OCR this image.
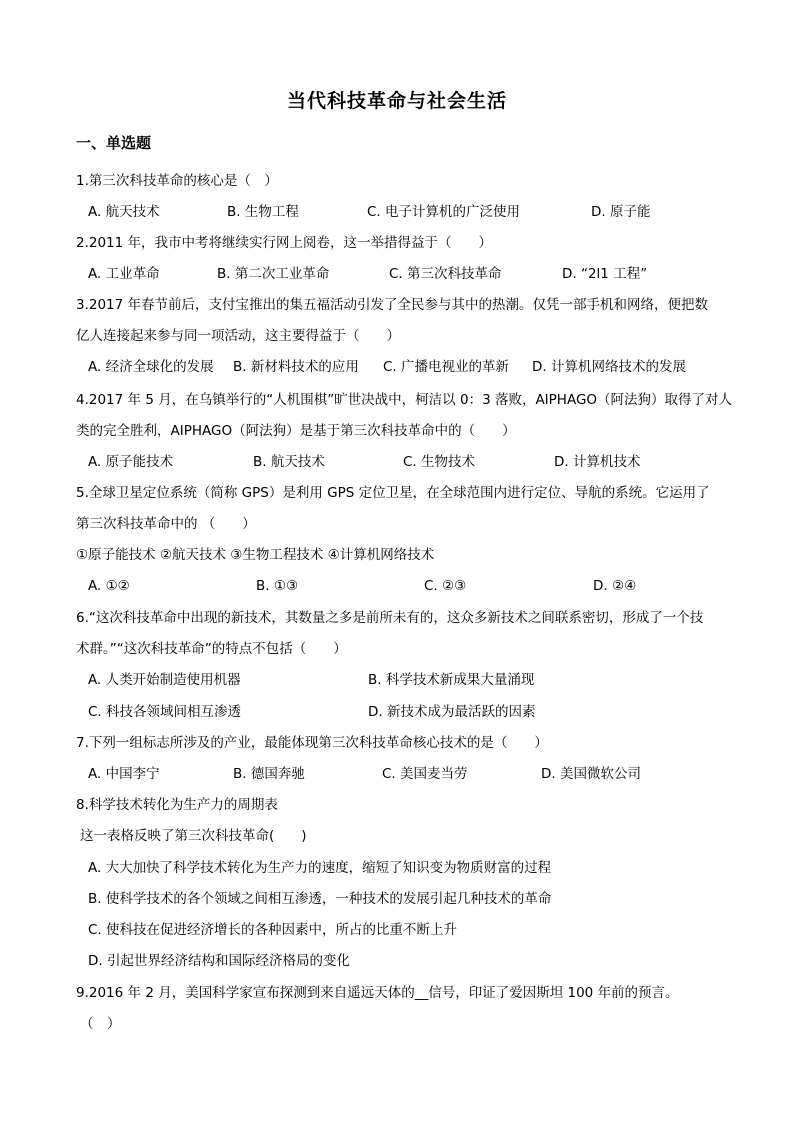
当代科技革命与社会生活
一、单选题
1.第三次科技革命的核心是（　）
A. 航天技术	B. 生物工程	C. 电子计算机的广泛使用	D. 原子能
2.2011 年，我市中考将继续实行网上阅卷，这一举措得益于（　　）
A. 工业革命	B. 第二次工业革命	C. 第三次科技革命	D. “2l1 工程”
3.2017 年春节前后，支付宝推出的集五福活动引发了全民参与其中的热潮。仅凭一部手机和网络，便把数
亿人连接起来参与同一项活动，这主要得益于（　　）
A. 经济全球化的发展 B. 新材料技术的应用 C. 广播电视业的革新 D. 计算机网络技术的发展
4.2017 年 5 月，在乌镇举行的“人机围棋”旷世决战中，柯洁以 0：3 落败，AIPHAGO（阿法狗）取得了对人
类的完全胜利，AIPHAGO（阿法狗）是基于第三次科技革命中的（　　）
A. 原子能技术	B. 航天技术	C. 生物技术	D. 计算机技术
5.全球卫星定位系统（简称 GPS）是利用 GPS 定位卫星，在全球范围内进行定位、导航的系统。它运用了
第三次科技革命中的 （　　）
①原子能技术 ②航天技术 ③生物工程技术 ④计算机网络技术
A. ①②	B. ①③	C. ②③	D. ②④
6.“这次科技革命中出现的新技术，其数量之多是前所未有的，这众多新技术之间联系密切，形成了一个技
术群。”“这次科技革命”的特点不包括（　　）
A. 人类开始制造使用机器	B. 科学技术新成果大量涌现
C. 科技各领域间相互渗透	D. 新技术成为最活跃的因素
7.下列一组标志所涉及的产业，最能体现第三次科技革命核心技术的是（　　）
A. 中国李宁	B. 德国奔驰	C. 美国麦当劳	D. 美国微软公司
8.科学技术转化为生产力的周期表
这一表格反映了第三次科技革命(　　)
A. 大大加快了科学技术转化为生产力的速度，缩短了知识变为物质财富的过程
B. 使科学技术的各个领域之间相互渗透，一种技术的发展引起几种技术的革命
C. 使科技在促进经济增长的各种因素中，所占的比重不断上升
D. 引起世界经济结构和国际经济格局的变化
9.2016 年 2 月，美国科学家宣布探测到来自遥远天体的__信号，印证了爱因斯坦 100 年前的预言。
（　）
